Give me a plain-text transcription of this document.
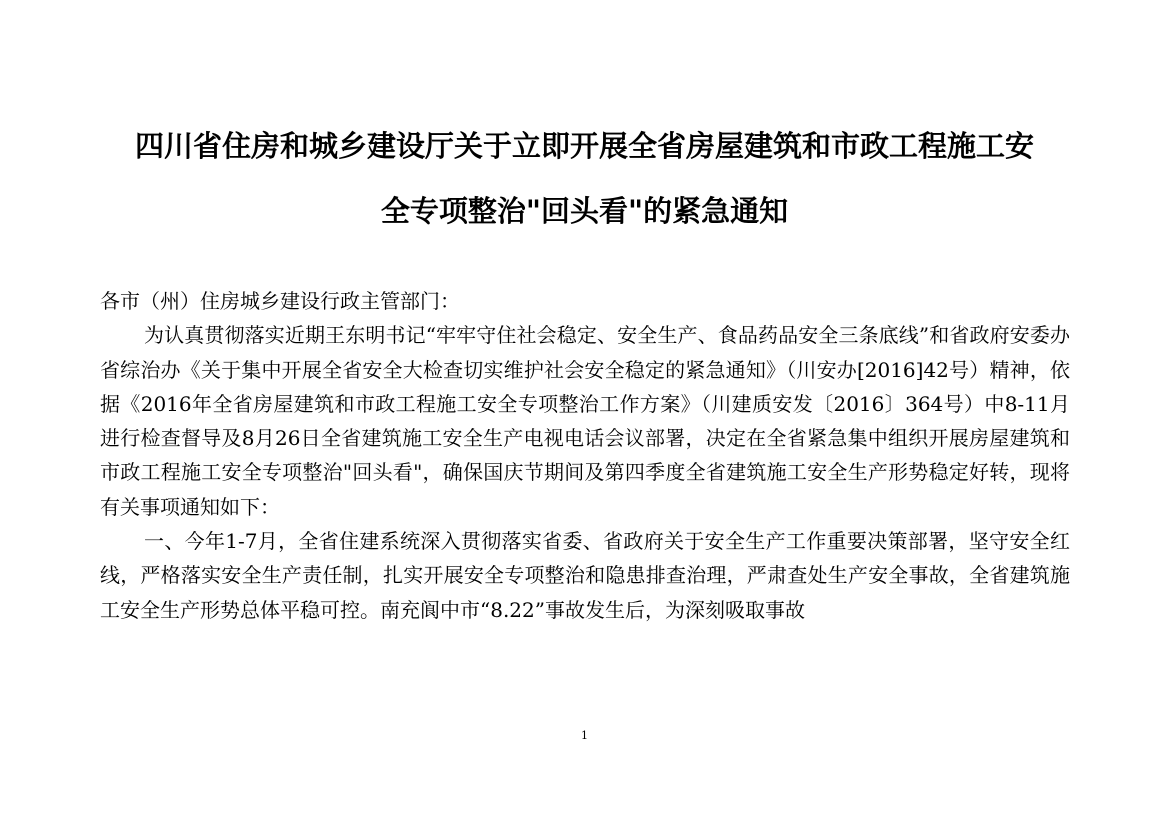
四川省住房和城乡建设厅关于立即开展全省房屋建筑和市政工程施工安
全专项整治"回头看"的紧急通知

各市（州）住房城乡建设行政主管部门：

为认真贯彻落实近期王东明书记“牢牢守住社会稳定、安全生产、食品药品安全三条底线”和省政府安委办 省综治办《关于集中开展全省安全大检查切实维护社会安全稳定的紧急通知》（川安办[2016]42号）精神，依据《2016年全省房屋建筑和市政工程施工安全专项整治工作方案》（川建质安发〔2016〕364号）中8-11月进行检查督导及8月26日全省建筑施工安全生产电视电话会议部署，决定在全省紧急集中组织开展房屋建筑和市政工程施工安全专项整治"回头看"，确保国庆节期间及第四季度全省建筑施工安全生产形势稳定好转，现将有关事项通知如下：

一、今年1-7月，全省住建系统深入贯彻落实省委、省政府关于安全生产工作重要决策部署，坚守安全红线，严格落实安全生产责任制，扎实开展安全专项整治和隐患排查治理，严肃查处生产安全事故，全省建筑施工安全生产形势总体平稳可控。南充阆中市“8.22”事故发生后，为深刻吸取事故

1
